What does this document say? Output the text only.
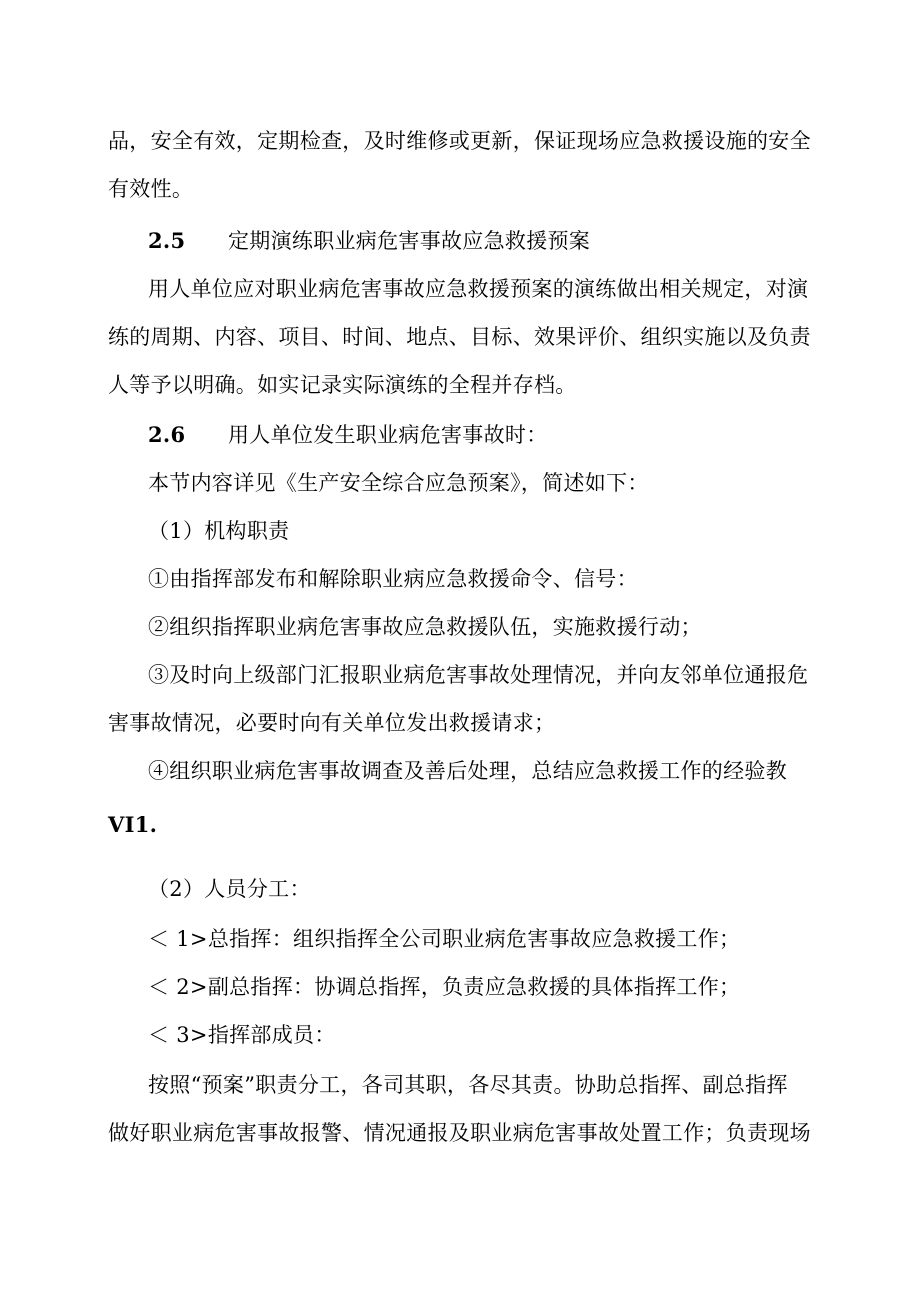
品，安全有效，定期检查，及时维修或更新，保证现场应急救援设施的安全
有效性。
2.5 定期演练职业病危害事故应急救援预案
用人单位应对职业病危害事故应急救援预案的演练做出相关规定，对演
练的周期、内容、项目、时间、地点、目标、效果评价、组织实施以及负责
人等予以明确。如实记录实际演练的全程并存档。
2.6 用人单位发生职业病危害事故时：
本节内容详见《生产安全综合应急预案》，简述如下：
（1）机构职责
①由指挥部发布和解除职业病应急救援命令、信号：
②组织指挥职业病危害事故应急救援队伍，实施救援行动；
③及时向上级部门汇报职业病危害事故处理情况，并向友邻单位通报危
害事故情况，必要时向有关单位发出救援请求；
④组织职业病危害事故调查及善后处理，总结应急救援工作的经验教
VI1.
（2）人员分工：
＜ 1>总指挥：组织指挥全公司职业病危害事故应急救援工作；
＜ 2>副总指挥：协调总指挥，负责应急救援的具体指挥工作；
＜ 3>指挥部成员：
按照“预案”职责分工，各司其职，各尽其责。协助总指挥、副总指挥
做好职业病危害事故报警、情况通报及职业病危害事故处置工作；负责现场
